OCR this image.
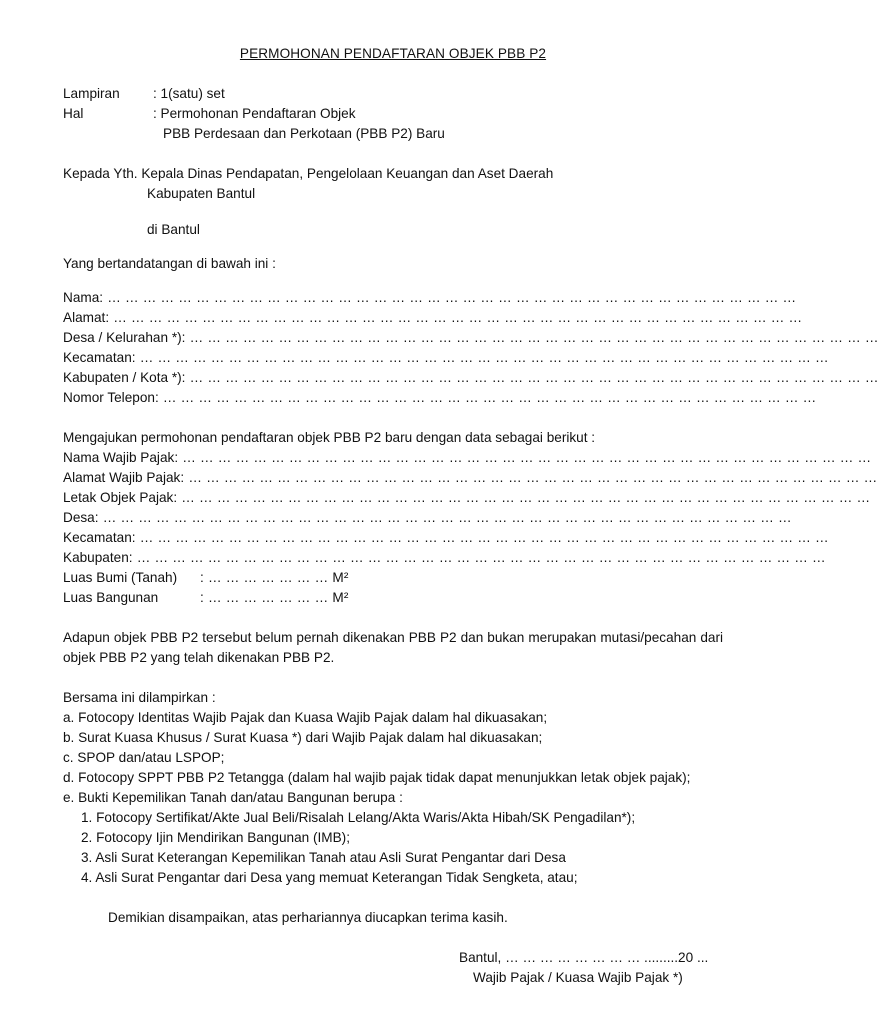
PERMOHONAN PENDAFTARAN OBJEK PBB P2
Lampiran	: 1(satu) set
Hal	: Permohonan Pendaftaran Objek
PBB Perdesaan dan Perkotaan (PBB P2) Baru
Kepada Yth. Kepala Dinas Pendapatan, Pengelolaan Keuangan dan Aset Daerah
Kabupaten Bantul
di Bantul
Yang bertandatangan di bawah ini :
Nama : … … … … … … … … … … … … … … … … … … … … … … … … … … … … … … … … … … … … … … …
Alamat : … … … … … … … … … … … … … … … … … … … … … … … … … … … … … … … … … … … … … … …
Desa / Kelurahan *) : … … … … … … … … … … … … … … … … … … … … … … … … … … … … … … … … … … … … … … …
Kecamatan : … … … … … … … … … … … … … … … … … … … … … … … … … … … … … … … … … … … … … … …
Kabupaten / Kota *) : … … … … … … … … … … … … … … … … … … … … … … … … … … … … … … … … … … … … … … …
Nomor Telepon : … … … … … … … … … … … … … … … … … … … … … … … … … … … … … … … … … … … … …
Mengajukan permohonan pendaftaran objek PBB P2 baru dengan data sebagai berikut :
Nama Wajib Pajak : … … … … … … … … … … … … … … … … … … … … … … … … … … … … … … … … … … … … … … …
Alamat Wajib Pajak : … … … … … … … … … … … … … … … … … … … … … … … … … … … … … … … … … … … … … … …
Letak Objek Pajak : … … … … … … … … … … … … … … … … … … … … … … … … … … … … … … … … … … … … … … …
Desa : … … … … … … … … … … … … … … … … … … … … … … … … … … … … … … … … … … … … … … …
Kecamatan : … … … … … … … … … … … … … … … … … … … … … … … … … … … … … … … … … … … … … … …
Kabupaten : … … … … … … … … … … … … … … … … … … … … … … … … … … … … … … … … … … … … … … …
Luas Bumi (Tanah)	: … … … … … … … M²
Luas Bangunan	: … … … … … … … M²
Adapun objek PBB P2 tersebut belum pernah dikenakan PBB P2 dan bukan merupakan mutasi/pecahan dari objek PBB P2 yang telah dikenakan PBB P2.
Bersama ini dilampirkan :
a. Fotocopy Identitas Wajib Pajak dan Kuasa Wajib Pajak dalam hal dikuasakan;
b. Surat Kuasa Khusus / Surat Kuasa *) dari Wajib Pajak dalam hal dikuasakan;
c. SPOP dan/atau LSPOP;
d. Fotocopy SPPT PBB P2 Tetangga (dalam hal wajib pajak tidak dapat menunjukkan letak objek pajak);
e. Bukti Kepemilikan Tanah dan/atau Bangunan berupa :
1. Fotocopy Sertifikat/Akte Jual Beli/Risalah Lelang/Akta Waris/Akta Hibah/SK Pengadilan*);
2. Fotocopy Ijin Mendirikan Bangunan (IMB);
3. Asli Surat Keterangan Kepemilikan Tanah atau Asli Surat Pengantar dari Desa
4. Asli Surat Pengantar dari Desa yang memuat Keterangan Tidak Sengketa, atau;
Demikian disampaikan, atas perhariannya diucapkan terima kasih.
Bantul, … … … … … … … … .........20 ...
Wajib Pajak / Kuasa Wajib Pajak *)
